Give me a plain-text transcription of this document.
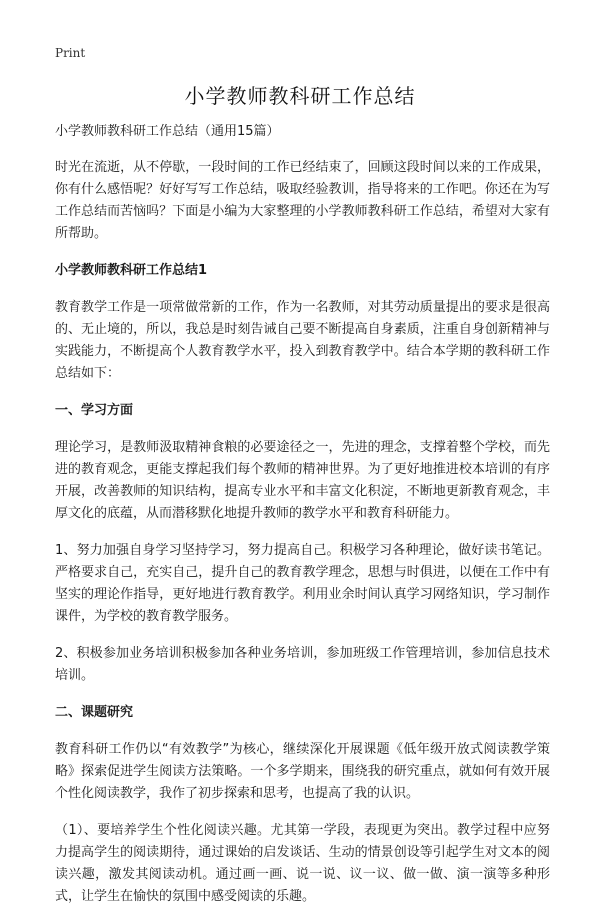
Print
小学教师教科研工作总结

小学教师教科研工作总结（通用15篇）

时光在流逝，从不停歇，一段时间的工作已经结束了，回顾这段时间以来的工作成果，你有什么感悟呢？好好写写工作总结，吸取经验教训，指导将来的工作吧。你还在为写工作总结而苦恼吗？下面是小编为大家整理的小学教师教科研工作总结，希望对大家有所帮助。

小学教师教科研工作总结1

教育教学工作是一项常做常新的工作，作为一名教师，对其劳动质量提出的要求是很高的、无止境的，所以，我总是时刻告诫自己要不断提高自身素质，注重自身创新精神与实践能力，不断提高个人教育教学水平，投入到教育教学中。结合本学期的教科研工作总结如下：

一、学习方面

理论学习，是教师汲取精神食粮的必要途径之一，先进的理念，支撑着整个学校，而先进的教育观念，更能支撑起我们每个教师的精神世界。为了更好地推进校本培训的有序开展，改善教师的知识结构，提高专业水平和丰富文化积淀，不断地更新教育观念，丰厚文化的底蕴，从而潜移默化地提升教师的教学水平和教育科研能力。

1、努力加强自身学习坚持学习，努力提高自己。积极学习各种理论，做好读书笔记。严格要求自己，充实自己，提升自己的教育教学理念，思想与时俱进，以便在工作中有坚实的理论作指导，更好地进行教育教学。利用业余时间认真学习网络知识，学习制作课件，为学校的教育教学服务。

2、积极参加业务培训积极参加各种业务培训，参加班级工作管理培训，参加信息技术培训。

二、课题研究

教育科研工作仍以“有效教学”为核心，继续深化开展课题《低年级开放式阅读教学策略》探索促进学生阅读方法策略。一个多学期来，围绕我的研究重点，就如何有效开展个性化阅读教学，我作了初步探索和思考，也提高了我的认识。

（1）、要培养学生个性化阅读兴趣。尤其第一学段，表现更为突出。教学过程中应努力提高学生的阅读期待，通过课始的启发谈话、生动的情景创设等引起学生对文本的阅读兴趣，激发其阅读动机。通过画一画、说一说、议一议、做一做、演一演等多种形式，让学生在愉快的氛围中感受阅读的乐趣。
